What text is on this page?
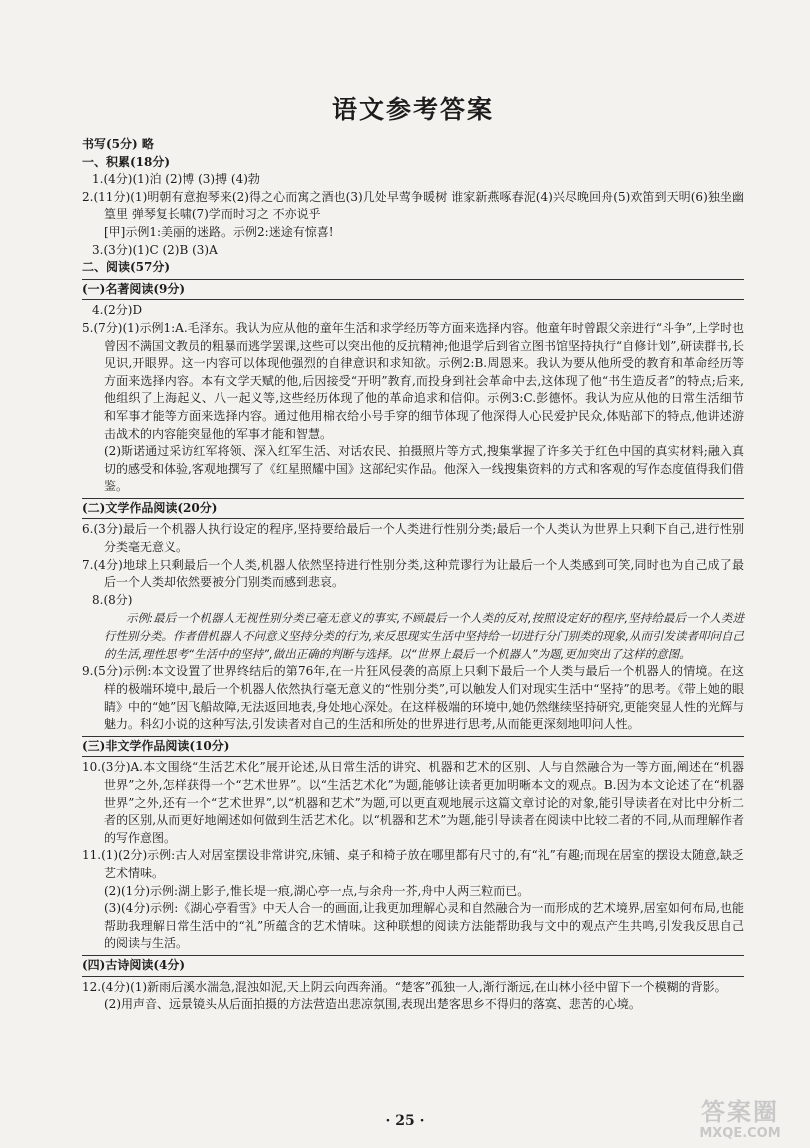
语文参考答案

书写(5分) 略

一、积累(18分)

1.(4分)(1)泊 (2)博 (3)搏 (4)勃

2.(11分)(1)明朝有意抱琴来(2)得之心而寓之酒也(3)几处早莺争暖树 谁家新燕啄春泥(4)兴尽晚回舟(5)欢笛到天明(6)独坐幽篁里 弹琴复长啸(7)学而时习之 不亦说乎

[甲]示例1:美丽的迷路。示例2:迷途有惊喜!

3.(3分)(1)C (2)B (3)A

二、阅读(57分)

(一)名著阅读(9分)

4.(2分)D

5.(7分)(1)示例1:A.毛泽东。我认为应从他的童年生活和求学经历等方面来选择内容。他童年时曾跟父亲进行“斗争”,上学时也曾因不满国文教员的粗暴而逃学罢课,这些可以突出他的反抗精神;他退学后到省立图书馆坚持执行“自修计划”,研读群书,长见识,开眼界。这一内容可以体现他强烈的自律意识和求知欲。示例2:B.周恩来。我认为要从他所受的教育和革命经历等方面来选择内容。本有文学天赋的他,后因接受“开明”教育,而投身到社会革命中去,这体现了他“书生造反者”的特点;后来,他组织了上海起义、八一起义等,这些经历体现了他的革命追求和信仰。示例3:C.彭德怀。我认为应从他的日常生活细节和军事才能等方面来选择内容。通过他用棉衣给小号手穿的细节体现了他深得人心民爱护民众,体贴部下的特点,他讲述游击战术的内容能突显他的军事才能和智慧。

(2)斯诺通过采访红军将领、深入红军生活、对话农民、拍摄照片等方式,搜集掌握了许多关于红色中国的真实材料;融入真切的感受和体验,客观地撰写了《红星照耀中国》这部纪实作品。他深入一线搜集资料的方式和客观的写作态度值得我们借鉴。

(二)文学作品阅读(20分)

6.(3分)最后一个机器人执行设定的程序,坚持要给最后一个人类进行性别分类;最后一个人类认为世界上只剩下自己,进行性别分类毫无意义。

7.(4分)地球上只剩最后一个人类,机器人依然坚持进行性别分类,这种荒谬行为让最后一个人类感到可笑,同时也为自己成了最后一个人类却依然要被分门别类而感到悲哀。

8.(8分)

示例:最后一个机器人无视性别分类已毫无意义的事实,不顾最后一个人类的反对,按照设定好的程序,坚持给最后一个人类进行性别分类。作者借机器人不问意义坚持分类的行为,来反思现实生活中坚持给一切进行分门别类的现象,从而引发读者叩问自己的生活,理性思考“生活中的坚持”,做出正确的判断与选择。以“世界上最后一个机器人”为题,更加突出了这样的意图。

9.(5分)示例:本文设置了世界终结后的第76年,在一片狂风侵袭的高原上只剩下最后一个人类与最后一个机器人的情境。在这样的极端环境中,最后一个机器人依然执行毫无意义的“性别分类”,可以触发人们对现实生活中“坚持”的思考。《带上她的眼睛》中的“她”因飞船故障,无法返回地表,身处地心深处。在这样极端的环境中,她仍然继续坚持研究,更能突显人性的光辉与魅力。科幻小说的这种写法,引发读者对自己的生活和所处的世界进行思考,从而能更深刻地叩问人性。

(三)非文学作品阅读(10分)

10.(3分)A.本文围绕“生活艺术化”展开论述,从日常生活的讲究、机器和艺术的区别、人与自然融合为一等方面,阐述在“机器世界”之外,怎样获得一个“艺术世界”。以“生活艺术化”为题,能够让读者更加明晰本文的观点。B.因为本文论述了在“机器世界”之外,还有一个“艺术世界”,以“机器和艺术”为题,可以更直观地展示这篇文章讨论的对象,能引导读者在对比中分析二者的区别,从而更好地阐述如何做到生活艺术化。以“机器和艺术”为题,能引导读者在阅读中比较二者的不同,从而理解作者的写作意图。

11.(1)(2分)示例:古人对居室摆设非常讲究,床铺、桌子和椅子放在哪里都有尺寸的,有“礼”有趣;而现在居室的摆设太随意,缺乏艺术情味。

(2)(1分)示例:湖上影子,惟长堤一痕,湖心亭一点,与余舟一芥,舟中人两三粒而已。

(3)(4分)示例:《湖心亭看雪》中天人合一的画面,让我更加理解心灵和自然融合为一而形成的艺术境界,居室如何布局,也能帮助我理解日常生活中的“礼”所蕴含的艺术情味。这种联想的阅读方法能帮助我与文中的观点产生共鸣,引发我反思自己的阅读与生活。

(四)古诗阅读(4分)

12.(4分)(1)新雨后溪水湍急,混浊如泥,天上阴云向西奔涌。“楚客”孤独一人,渐行渐远,在山林小径中留下一个模糊的背影。

(2)用声音、远景镜头从后面拍摄的方法营造出悲凉氛围,表现出楚客思乡不得归的落寞、悲苦的心境。

· 25 ·	答案圈
MXQE.COM
